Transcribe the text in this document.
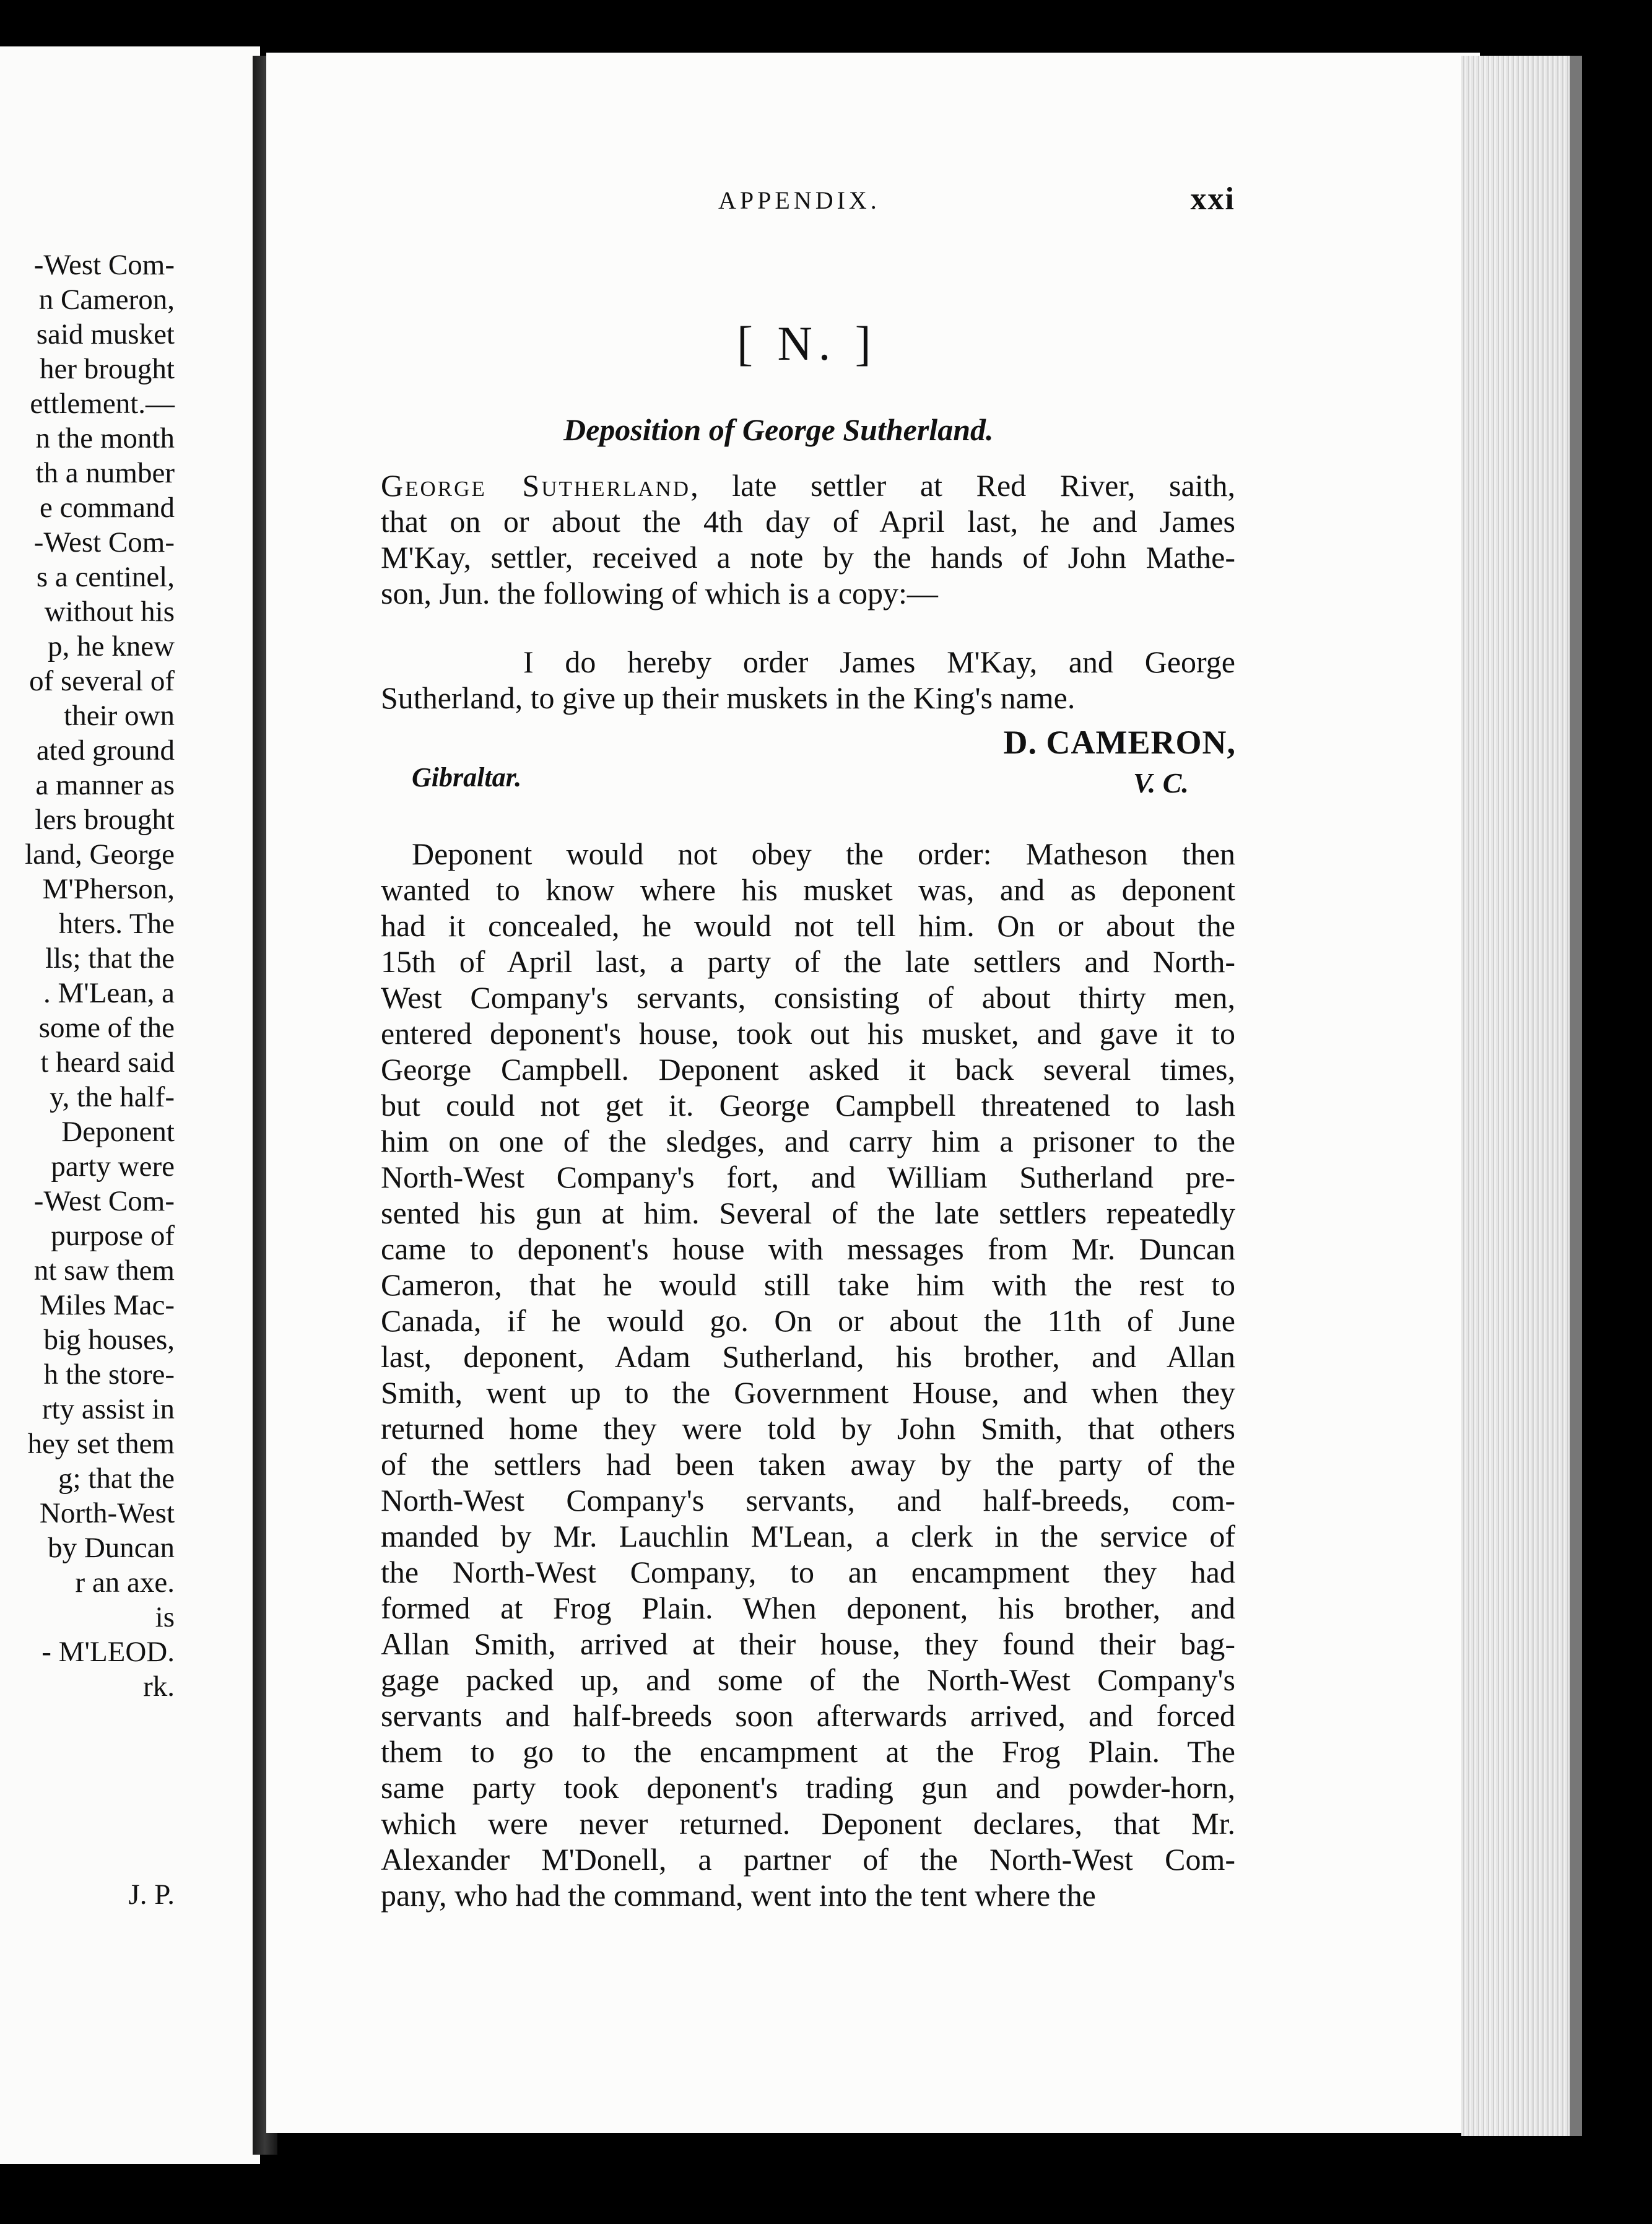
-West Com-
n Cameron,
said musket
her brought
ettlement.—
n the month
th a number
e command
-West Com-
s a centinel,
without his
p, he knew
of several of
their own
ated ground
a manner as
lers brought
land, George
M'Pherson,
hters. The
lls; that the
. M'Lean, a
some of the
t heard said
y, the half-
Deponent
party were
-West Com-
purpose of
nt saw them
Miles Mac-
big houses,
h the store-
rty assist in
hey set them
g; that the
North-West
by Duncan
r an axe.
is
- M'LEOD.
rk.
J. P.
APPENDIX.	xxi
[ N. ]
Deposition of George Sutherland.
George Sutherland, late settler at Red River, saith,
that on or about the 4th day of April last, he and James
M'Kay, settler, received a note by the hands of John Mathe-
son, Jun. the following of which is a copy:—
I do hereby order James M'Kay, and George
Sutherland, to give up their muskets in the King's name.
D. CAMERON,
Gibraltar.	V. C.
Deponent would not obey the order: Matheson then
wanted to know where his musket was, and as deponent
had it concealed, he would not tell him. On or about the
15th of April last, a party of the late settlers and North-
West Company's servants, consisting of about thirty men,
entered deponent's house, took out his musket, and gave it to
George Campbell. Deponent asked it back several times,
but could not get it. George Campbell threatened to lash
him on one of the sledges, and carry him a prisoner to the
North-West Company's fort, and William Sutherland pre-
sented his gun at him. Several of the late settlers repeatedly
came to deponent's house with messages from Mr. Duncan
Cameron, that he would still take him with the rest to
Canada, if he would go. On or about the 11th of June
last, deponent, Adam Sutherland, his brother, and Allan
Smith, went up to the Government House, and when they
returned home they were told by John Smith, that others
of the settlers had been taken away by the party of the
North-West Company's servants, and half-breeds, com-
manded by Mr. Lauchlin M'Lean, a clerk in the service of
the North-West Company, to an encampment they had
formed at Frog Plain. When deponent, his brother, and
Allan Smith, arrived at their house, they found their bag-
gage packed up, and some of the North-West Company's
servants and half-breeds soon afterwards arrived, and forced
them to go to the encampment at the Frog Plain. The
same party took deponent's trading gun and powder-horn,
which were never returned. Deponent declares, that Mr.
Alexander M'Donell, a partner of the North-West Com-
pany, who had the command, went into the tent where the
